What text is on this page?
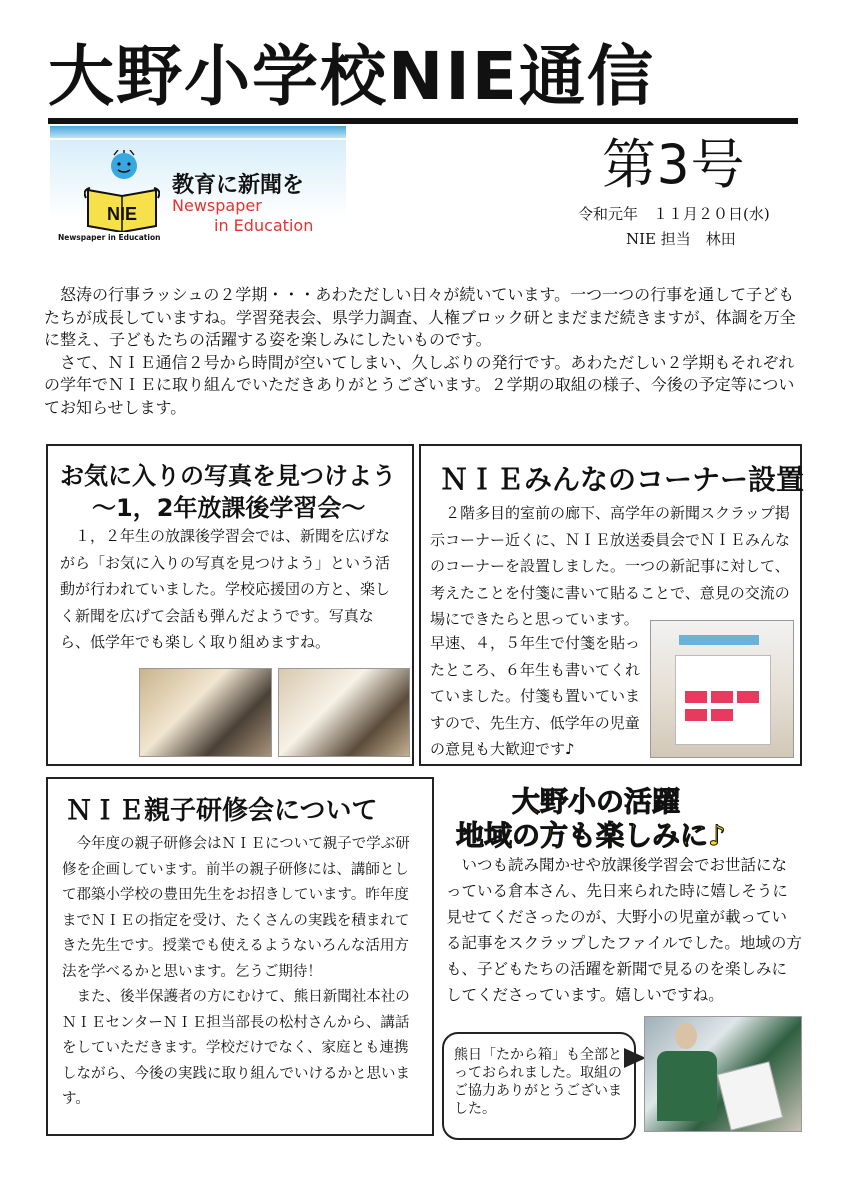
大野小学校NIE通信
NIE
Newspaper in Education
教育に新聞を
Newspaper
in Education
第3号
令和元年　１１月２０日(水)
NIE 担当　林田

怒涛の行事ラッシュの２学期・・・あわただしい日々が続いています。一つ一つの行事を通して子どもたちが成長していますね。学習発表会、県学力調査、人権ブロック研とまだまだ続きますが、体調を万全に整え、子どもたちの活躍する姿を楽しみにしたいものです。

さて、ＮＩＥ通信２号から時間が空いてしまい、久しぶりの発行です。あわただしい２学期もそれぞれの学年でＮＩＥに取り組んでいただきありがとうございます。２学期の取組の様子、今後の予定等についてお知らせします。

お気に入りの写真を見つけよう
～1，2年放課後学習会～

１，２年生の放課後学習会では、新聞を広げながら「お気に入りの写真を見つけよう」という活動が行われていました。学校応援団の方と、楽しく新聞を広げて会話も弾んだようです。写真なら、低学年でも楽しく取り組めますね。

ＮＩＥみんなのコーナー設置

２階多目的室前の廊下、高学年の新聞スクラップ掲示コーナー近くに、ＮＩＥ放送委員会でＮＩＥみんなのコーナーを設置しました。一つの新記事に対して、考えたことを付箋に書いて貼ることで、意見の交流の場にできたらと思っています。

早速、４，５年生で付箋を貼ったところ、６年生も書いてくれていました。付箋も置いていますので、先生方、低学年の児童の意見も大歓迎です♪

ＮＩＥ親子研修会について

今年度の親子研修会はＮＩＥについて親子で学ぶ研修を企画しています。前半の親子研修には、講師として郡築小学校の豊田先生をお招きしています。昨年度までＮＩＥの指定を受け、たくさんの実践を積まれてきた先生です。授業でも使えるようないろんな活用方法を学べるかと思います。乞うご期待！

また、後半保護者の方にむけて、熊日新聞社本社のＮＩＥセンターＮＩＥ担当部長の松村さんから、講話をしていただきます。学校だけでなく、家庭とも連携しながら、今後の実践に取り組んでいけるかと思います。

大野小の活躍
地域の方も楽しみに♪

いつも読み聞かせや放課後学習会でお世話になっている倉本さん、先日来られた時に嬉しそうに見せてくださったのが、大野小の児童が載っている記事をスクラップしたファイルでした。地域の方も、子どもたちの活躍を新聞で見るのを楽しみにしてくださっています。嬉しいですね。

熊日「たから箱」も全部とっておられました。取組のご協力ありがとうございました。
